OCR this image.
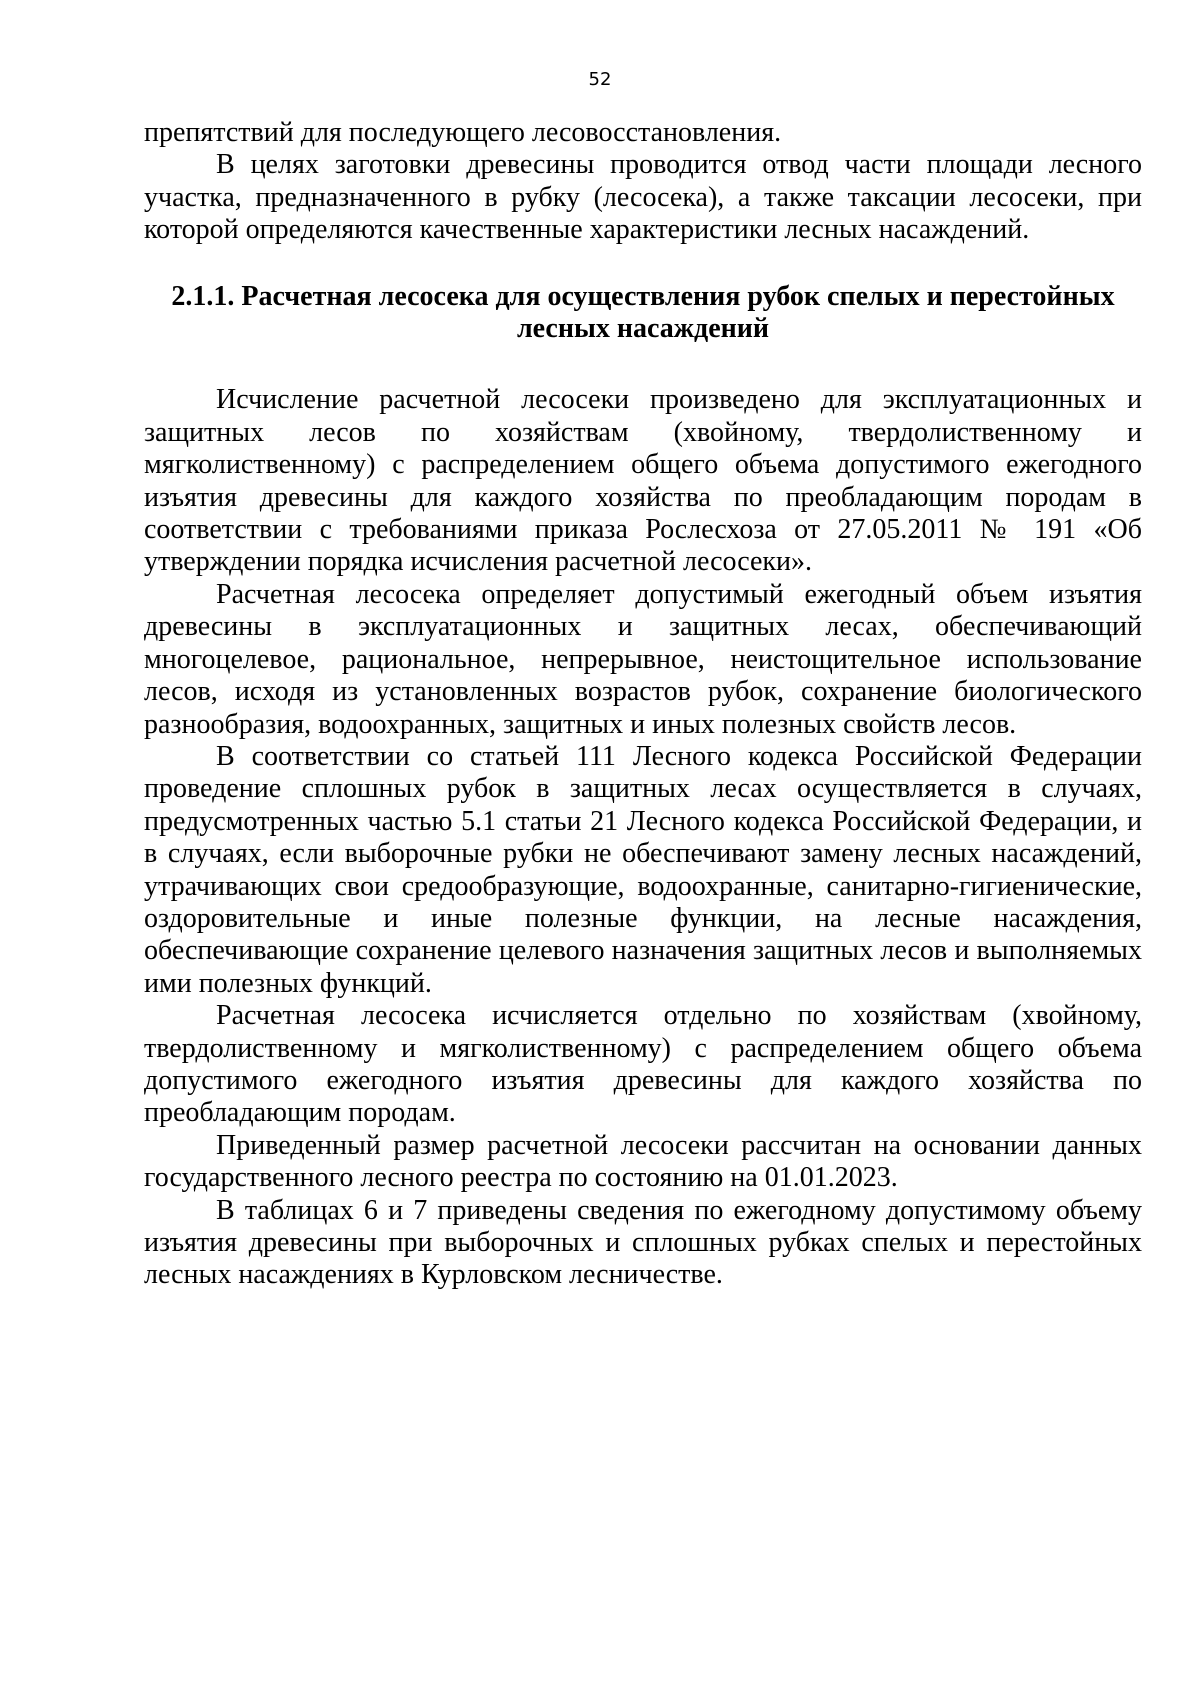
52

препятствий для последующего лесовосстановления.

В целях заготовки древесины проводится отвод части площади лесного участка, предназначенного в рубку (лесосека), а также таксации лесосеки, при которой определяются качественные характеристики лесных насаждений.

2.1.1. Расчетная лесосека для осуществления рубок спелых и перестойных лесных насаждений

Исчисление расчетной лесосеки произведено для эксплуатационных и защитных лесов по хозяйствам (хвойному, твердолиственному и мягколиственному) с распределением общего объема допустимого ежегодного изъятия древесины для каждого хозяйства по преобладающим породам в соответствии с требованиями приказа Рослесхоза от 27.05.2011 № 191 «Об утверждении порядка исчисления расчетной лесосеки».

Расчетная лесосека определяет допустимый ежегодный объем изъятия древесины в эксплуатационных и защитных лесах, обеспечивающий многоцелевое, рациональное, непрерывное, неистощительное использование лесов, исходя из установленных возрастов рубок, сохранение биологического разнообразия, водоохранных, защитных и иных полезных свойств лесов.

В соответствии со статьей 111 Лесного кодекса Российской Федерации проведение сплошных рубок в защитных лесах осуществляется в случаях, предусмотренных частью 5.1 статьи 21 Лесного кодекса Российской Федерации, и в случаях, если выборочные рубки не обеспечивают замену лесных насаждений, утрачивающих свои средообразующие, водоохранные, санитарно-гигиенические, оздоровительные и иные полезные функции, на лесные насаждения, обеспечивающие сохранение целевого назначения защитных лесов и выполняемых ими полезных функций.

Расчетная лесосека исчисляется отдельно по хозяйствам (хвойному, твердолиственному и мягколиственному) с распределением общего объема допустимого ежегодного изъятия древесины для каждого хозяйства по преобладающим породам.

Приведенный размер расчетной лесосеки рассчитан на основании данных государственного лесного реестра по состоянию на 01.01.2023.

В таблицах 6 и 7 приведены сведения по ежегодному допустимому объему изъятия древесины при выборочных и сплошных рубках спелых и перестойных лесных насаждениях в Курловском лесничестве.
